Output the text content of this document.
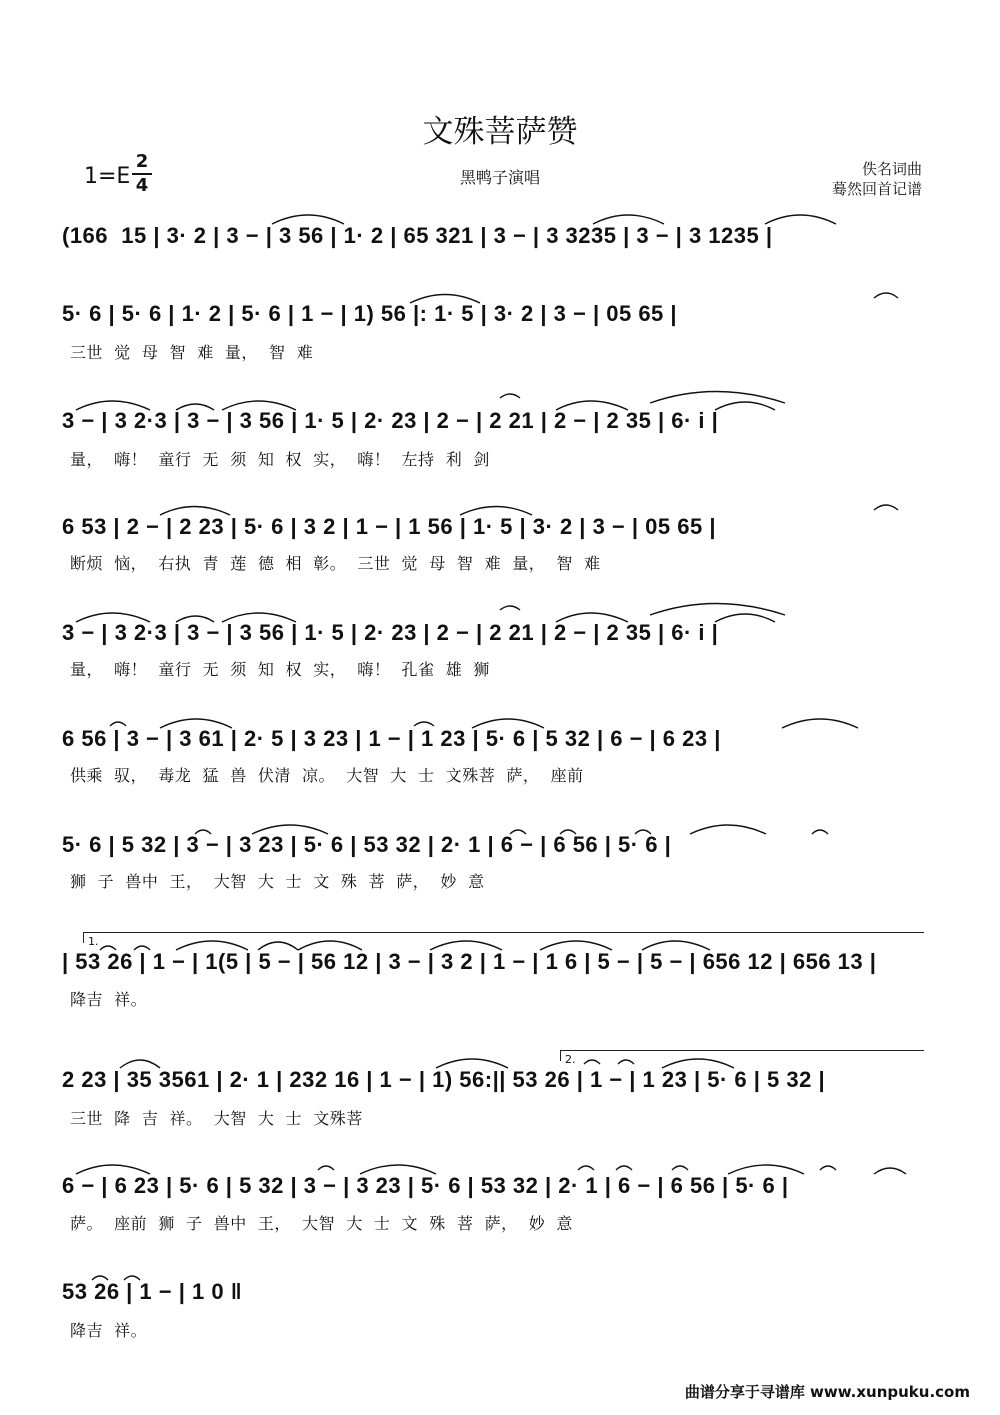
文殊菩萨赞
1=E
2
4	黑鸭子演唱	佚名词曲
蓦然回首记谱
(166  15 | 3· 2 | 3 − | 3 56 | 1· 2 | 65 321 | 3 − | 3 3235 | 3 − | 3 1235 |
5· 6 | 5· 6 | 1· 2 | 5· 6 | 1 − | 1) 56 |: 1· 5 | 3· 2 | 3 − | 05 65 |
三世  觉  母  智  难  量，  智  难
3 − | 3 2·3 | 3 − | 3 56 | 1· 5 | 2· 23 | 2 − | 2 21 | 2 − | 2 35 | 6· i |
量，  嗨！  童行  无  须  知  权  实，  嗨！  左持  利  剑
6 53 | 2 − | 2 23 | 5· 6 | 3 2 | 1 − | 1 56 | 1· 5 | 3· 2 | 3 − | 05 65 |
断烦  恼，  右执  青  莲  德  相  彰。  三世  觉  母  智  难  量，  智  难
3 − | 3 2·3 | 3 − | 3 56 | 1· 5 | 2· 23 | 2 − | 2 21 | 2 − | 2 35 | 6· i |
量，  嗨！  童行  无  须  知  权  实，  嗨！  孔雀  雄  狮
6 56 | 3 − | 3 61 | 2· 5 | 3 23 | 1 − | 1 23 | 5· 6 | 5 32 | 6 − | 6 23 |
供乘  驭，  毒龙  猛  兽  伏清  凉。  大智  大  士  文殊菩  萨，  座前
5· 6 | 5 32 | 3 − | 3 23 | 5· 6 | 53 32 | 2· 1 | 6 − | 6 56 | 5· 6 |
狮  子  兽中  王，  大智  大  士  文  殊  菩  萨，  妙  意
1.
| 53 26 | 1 − | 1(5 | 5 − | 56 12 | 3 − | 3 2 | 1 − | 1 6 | 5 − | 5 − | 656 12 | 656 13 |
降吉  祥。
2.
2 23 | 35 3561 | 2· 1 | 232 16 | 1 − | 1) 56:|| 53 26 | 1 − | 1 23 | 5· 6 | 5 32 |
三世  降  吉  祥。  大智  大  士  文殊菩
6 − | 6 23 | 5· 6 | 5 32 | 3 − | 3 23 | 5· 6 | 53 32 | 2· 1 | 6 − | 6 56 | 5· 6 |
萨。  座前  狮  子  兽中  王，  大智  大  士  文  殊  菩  萨，  妙  意
53 26 | 1 − | 1 0 ‖
降吉  祥。
曲谱分享于寻谱库 www.xunpuku.com
